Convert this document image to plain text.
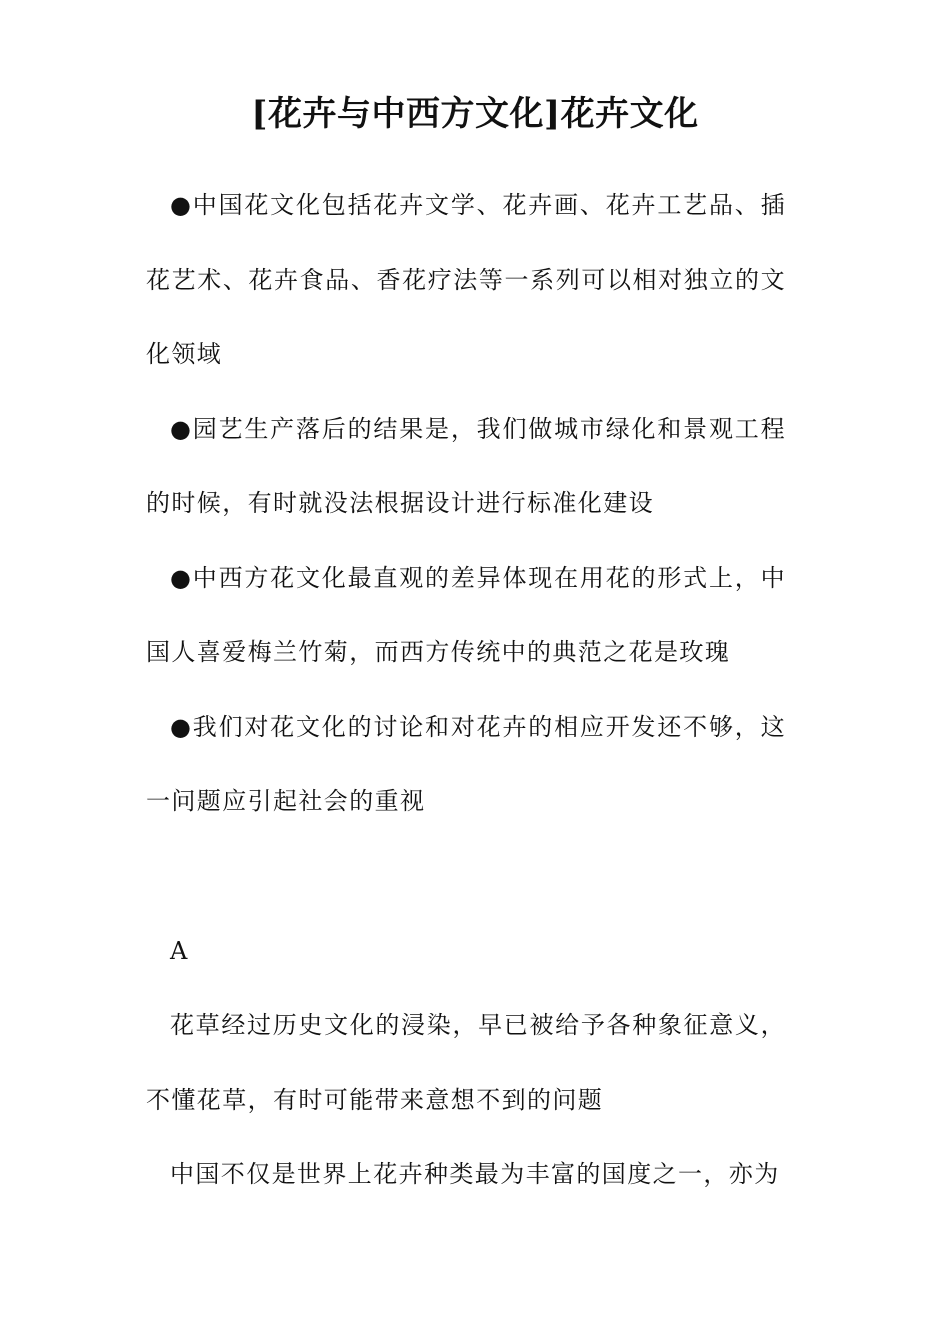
[花卉与中西方文化]花卉文化

●中国花文化包括花卉文学、花卉画、花卉工艺品、插花艺术、花卉食品、香花疗法等一系列可以相对独立的文化领域

●园艺生产落后的结果是，我们做城市绿化和景观工程的时候，有时就没法根据设计进行标准化建设

●中西方花文化最直观的差异体现在用花的形式上，中国人喜爱梅兰竹菊，而西方传统中的典范之花是玫瑰

●我们对花文化的讨论和对花卉的相应开发还不够，这一问题应引起社会的重视

A

花草经过历史文化的浸染，早已被给予各种象征意义，不懂花草，有时可能带来意想不到的问题

中国不仅是世界上花卉种类最为丰富的国度之一，亦为
